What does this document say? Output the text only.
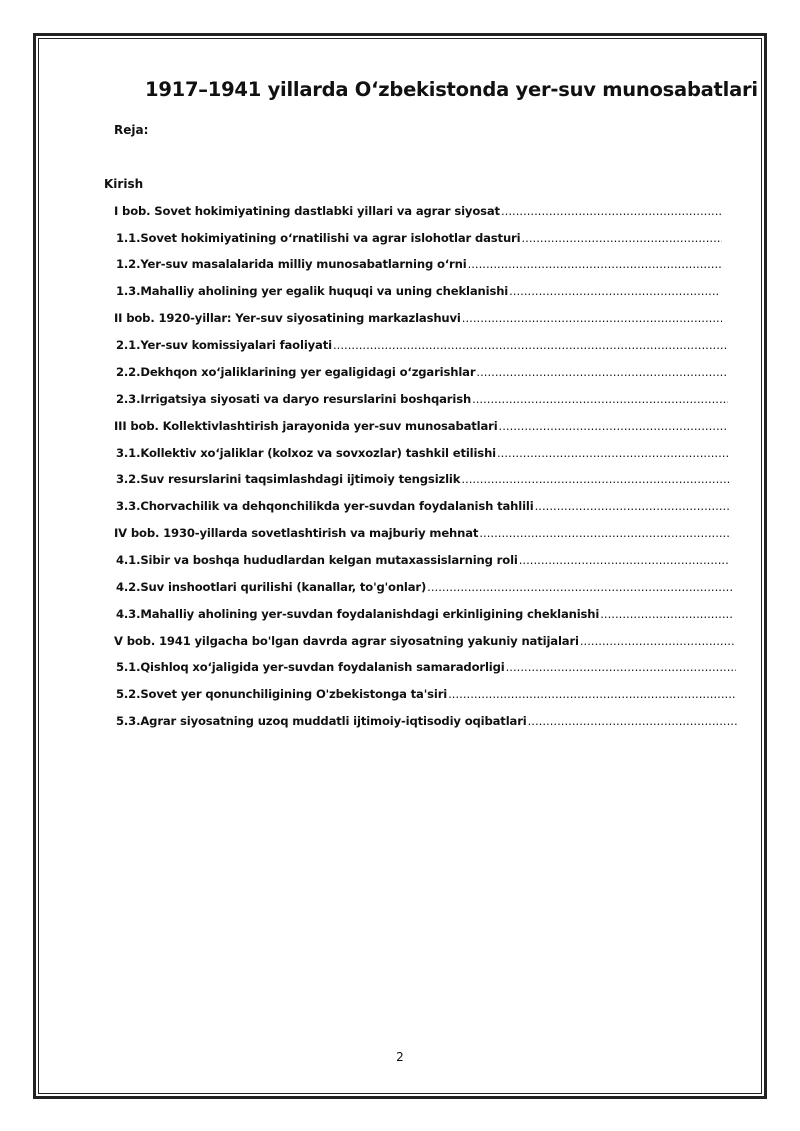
1917–1941 yillarda O‘zbekistonda yer-suv munosabatlari

Reja:

Kirish

I bob. Sovet hokimiyatining dastlabki yillari va agrar siyosat
.....
1.1.Sovet hokimiyatining o‘rnatilishi va agrar islohotlar dasturi
.....
1.2.Yer-suv masalalarida milliy munosabatlarning o‘rni
.....
1.3.Mahalliy aholining yer egalik huquqi va uning cheklanishi
.....
II bob. 1920-yillar: Yer-suv siyosatining markazlashuvi
.....
2.1.Yer-suv komissiyalari faoliyati
.....
2.2.Dekhqon xo‘jaliklarining yer egaligidagi o‘zgarishlar
.....
2.3.Irrigatsiya siyosati va daryo resurslarini boshqarish
.....
III bob. Kollektivlashtirish jarayonida yer-suv munosabatlari
.....
3.1.Kollektiv xo‘jaliklar (kolxoz va sovxozlar) tashkil etilishi
.....
3.2.Suv resurslarini taqsimlashdagi ijtimoiy tengsizlik
.....
3.3.Chorvachilik va dehqonchilikda yer-suvdan foydalanish tahlili
.....
IV bob. 1930-yillarda sovetlashtirish va majburiy mehnat
.....
4.1.Sibir va boshqa hududlardan kelgan mutaxassislarning roli
.....
4.2.Suv inshootlari qurilishi (kanallar, to'g'onlar)
.....
4.3.Mahalliy aholining yer-suvdan foydalanishdagi erkinligining cheklanishi
.....
V bob. 1941 yilgacha bo'lgan davrda agrar siyosatning yakuniy natijalari
.....
5.1.Qishloq xo‘jaligida yer-suvdan foydalanish samaradorligi
.....
5.2.Sovet yer qonunchiligining O'zbekistonga ta'siri
.....
5.3.Agrar siyosatning uzoq muddatli ijtimoiy-iqtisodiy oqibatlari
.....

2
